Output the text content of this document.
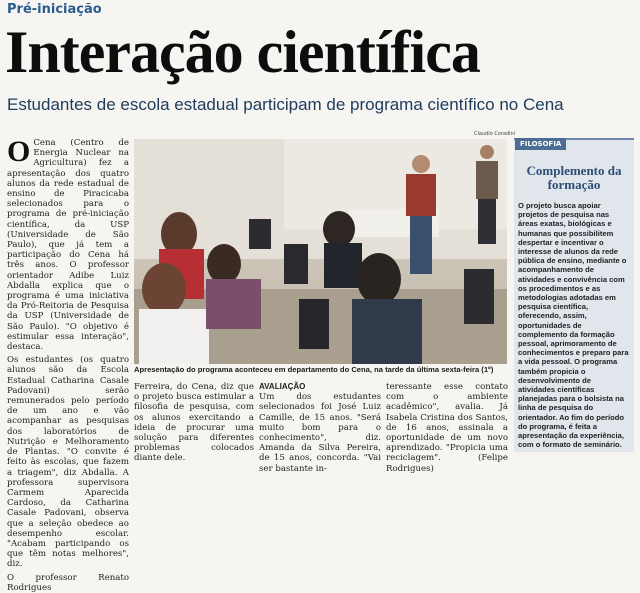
Pré-iniciação
Interação científica
Estudantes de escola estadual participam de programa científico no Cena

O Cena (Centro de Energia Nuclear na Agricultura) fez a apresentação dos quatro alunos da rede estadual de ensino de Piracicaba selecionados para o programa de pré-iniciação científica, da USP (Universidade de São Paulo), que já tem a participação do Cena há três anos. O professor orientador Adibe Luiz Abdalla explica que o programa é uma iniciativa da Pró-Reitoria de Pesquisa da USP (Universidade de São Paulo). "O objetivo é estimular essa interação", destaca.

Os estudantes (os quatro alunos são da Escola Estadual Catharina Casale Padovani) serão remunerados pelo período de um ano e vão acompanhar as pesquisas dos laboratórios de Nutrição e Melhoramento de Plantas. "O convite é feito às escolas, que fazem a triagem", diz Abdalla. A professora supervisora Carmem Aparecida Cardoso, da Catharina Casale Padovani, observa que a seleção obedece ao desempenho escolar. "Acabam participando os que têm notas melhores", diz.

O professor Renato Rodrigues

Claudio Coradini
Apresentação do programa aconteceu em departamento do Cena, na tarde da última sexta-feira (1º)

Ferreira, do Cena, diz que o projeto busca estimular a filosofia de pesquisa, com os alunos exercitando a ideia de procurar uma solução para diferentes problemas colocados diante dele.

AVALIAÇÃO

Um dos estudantes selecionados foi José Luiz Camille, de 15 anos. "Será muito bom para o conhecimento", diz. Amanda da Silva Pereira, de 15 anos, concorda. "Vai ser bastante in-

teressante esse contato com o ambiente acadêmico", avalia. Já Isabela Cristina dos Santos, de 16 anos, assinala a oportunidade de um novo aprendizado. "Propicia uma reciclagem". (Felipe Rodrigues)

FILOSOFIA
Complemento da formação
O projeto busca apoiar projetos de pesquisa nas áreas exatas, biológicas e humanas que possibilitem despertar e incentivar o interesse de alunos da rede pública de ensino, mediante o acompanhamento de atividades e convivência com os procedimentos e as metodologias adotadas em pesquisa científica, oferecendo, assim, oportunidades de complemento da formação pessoal, aprimoramento de conhecimentos e preparo para a vida pessoal. O programa também propicia o desenvolvimento de atividades científicas planejadas para o bolsista na linha de pesquisa do orientador. Ao fim do período do programa, é feita a apresentação da experiência, com o formato de seminário.
